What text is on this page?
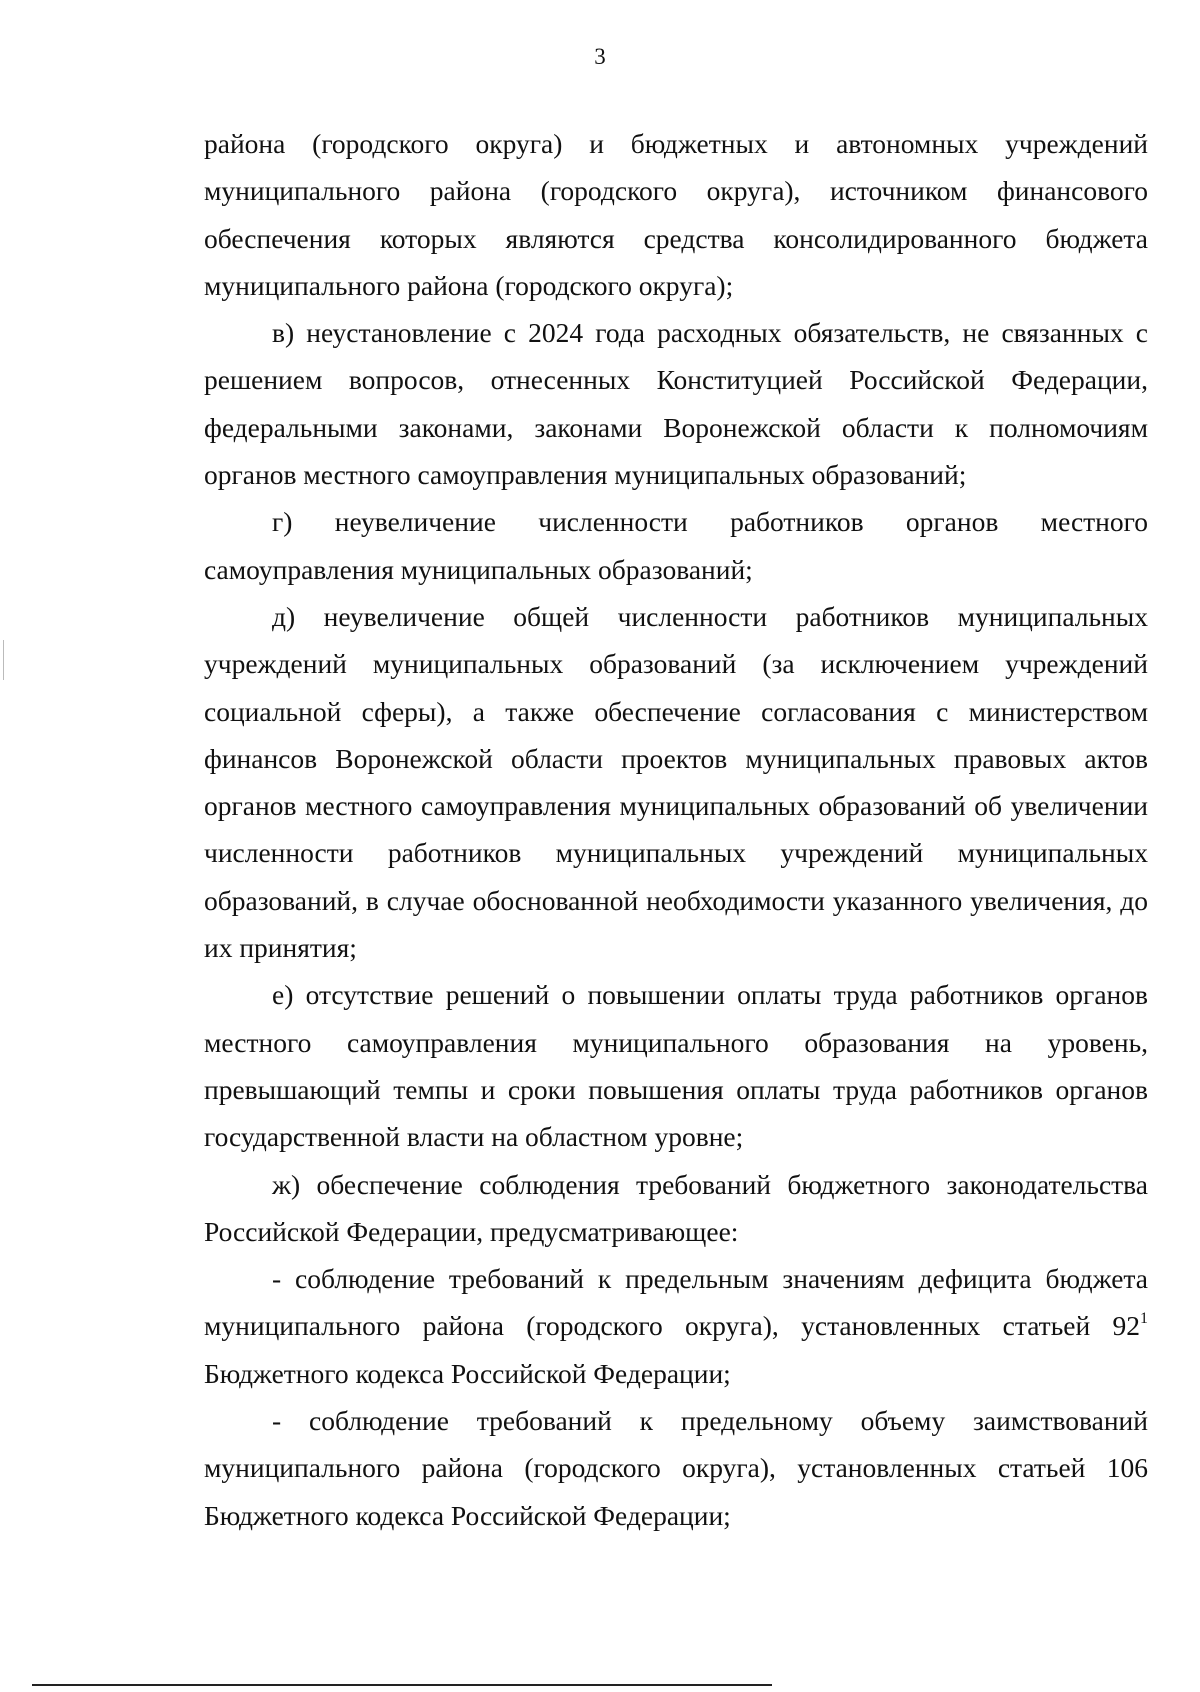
3

района (городского округа) и бюджетных и автономных учреждений муниципального района (городского округа), источником финансового обеспечения которых являются средства консолидированного бюджета муниципального района (городского округа);

в) неустановление с 2024 года расходных обязательств, не связанных с решением вопросов, отнесенных Конституцией Российской Федерации, федеральными законами, законами Воронежской области к полномочиям органов местного самоуправления муниципальных образований;

г) неувеличение численности работников органов местного самоуправления муниципальных образований;

д) неувеличение общей численности работников муниципальных учреждений муниципальных образований (за исключением учреждений социальной сферы), а также обеспечение согласования с министерством финансов Воронежской области проектов муниципальных правовых актов органов местного самоуправления муниципальных образований об увеличении численности работников муниципальных учреждений муниципальных образований, в случае обоснованной необходимости указанного увеличения, до их принятия;

е) отсутствие решений о повышении оплаты труда работников органов местного самоуправления муниципального образования на уровень, превышающий темпы и сроки повышения оплаты труда работников органов государственной власти на областном уровне;

ж) обеспечение соблюдения требований бюджетного законодательства Российской Федерации, предусматривающее:

- соблюдение требований к предельным значениям дефицита бюджета муниципального района (городского округа), установленных статьей $92^1$ Бюджетного кодекса Российской Федерации;

- соблюдение требований к предельному объему заимствований муниципального района (городского округа), установленных статьей 106 Бюджетного кодекса Российской Федерации;
